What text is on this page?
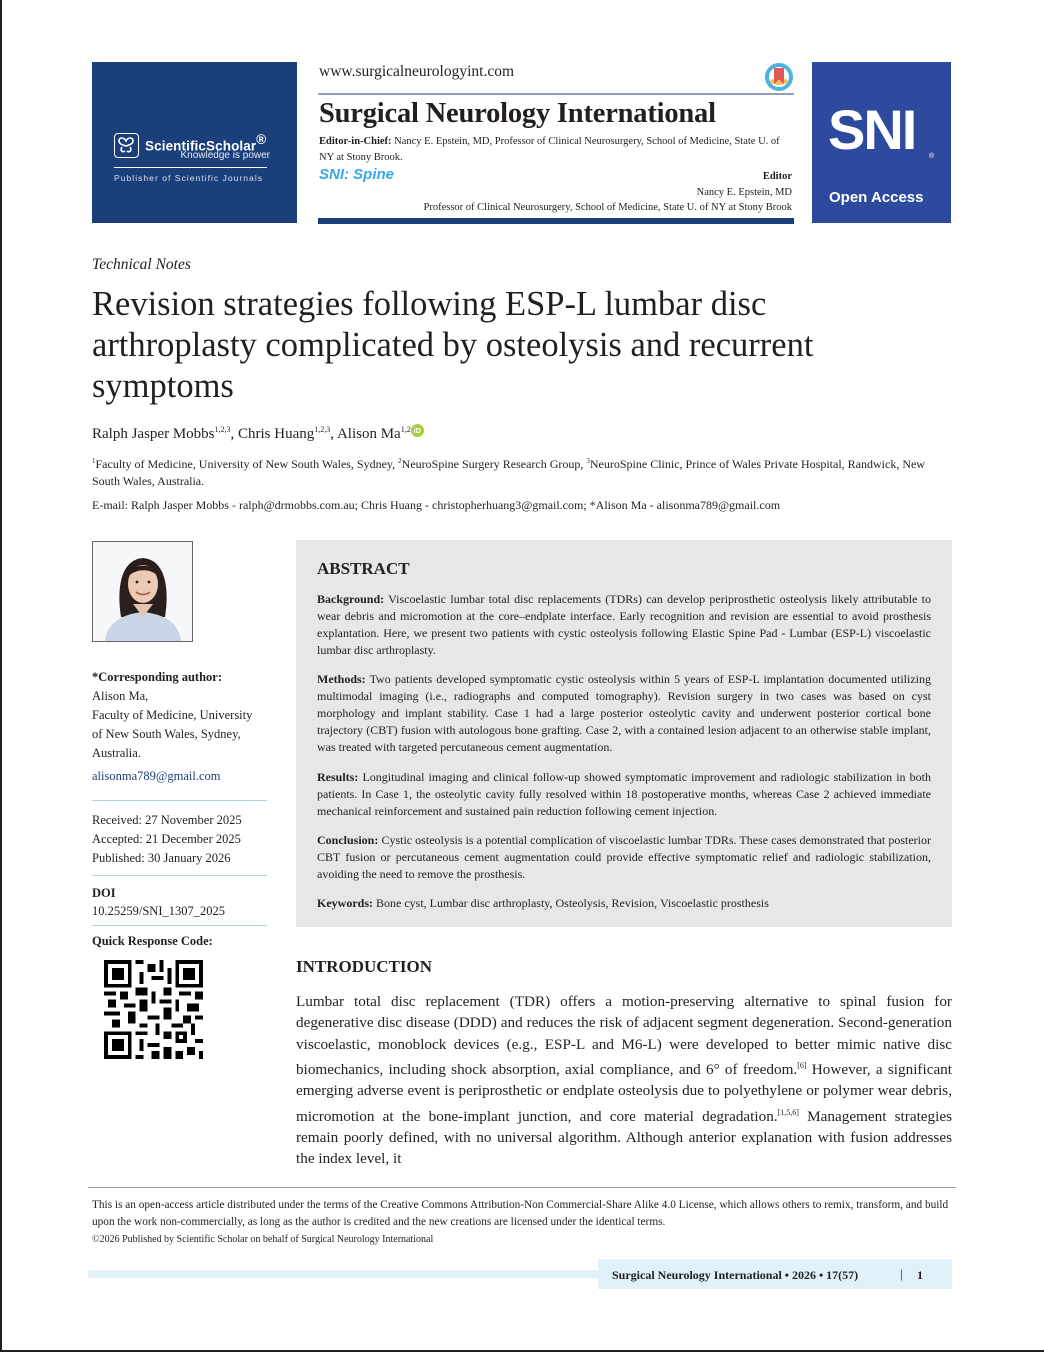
ScientificScholar®
Knowledge is power
Publisher of Scientific Journals
www.surgicalneurologyint.com
Surgical Neurology International
Editor-in-Chief: Nancy E. Epstein, MD, Professor of Clinical Neurosurgery, School of Medicine, State U. of NY at Stony Brook.
SNI: Spine	Editor
Nancy E. Epstein, MD
Professor of Clinical Neurosurgery, School of Medicine, State U. of NY at Stony Brook
SNI ®
Open Access
Technical Notes
Revision strategies following ESP-L lumbar disc arthroplasty complicated by osteolysis and recurrent symptoms
Ralph Jasper Mobbs$^{1,2,3}$, Chris Huang$^{1,2,3}$, Alison Ma$^{1,2}$ iD
$^1$Faculty of Medicine, University of New South Wales, Sydney, $^2$NeuroSpine Surgery Research Group, $^3$NeuroSpine Clinic, Prince of Wales Private Hospital, Randwick, New South Wales, Australia.
E-mail: Ralph Jasper Mobbs - ralph@drmobbs.com.au; Chris Huang - christopherhuang3@gmail.com; *Alison Ma - alisonma789@gmail.com
*Corresponding author:
Alison Ma,
Faculty of Medicine, University
of New South Wales, Sydney,
Australia.
alisonma789@gmail.com
Received: 27 November 2025
Accepted: 21 December 2025
Published: 30 January 2026
DOI
10.25259/SNI_1307_2025
Quick Response Code:
ABSTRACT
Background: Viscoelastic lumbar total disc replacements (TDRs) can develop periprosthetic osteolysis likely attributable to wear debris and micromotion at the core–endplate interface. Early recognition and revision are essential to avoid prosthesis explantation. Here, we present two patients with cystic osteolysis following Elastic Spine Pad - Lumbar (ESP-L) viscoelastic lumbar disc arthroplasty.
Methods: Two patients developed symptomatic cystic osteolysis within 5 years of ESP-L implantation documented utilizing multimodal imaging (i.e., radiographs and computed tomography). Revision surgery in two cases was based on cyst morphology and implant stability. Case 1 had a large posterior osteolytic cavity and underwent posterior cortical bone trajectory (CBT) fusion with autologous bone grafting. Case 2, with a contained lesion adjacent to an otherwise stable implant, was treated with targeted percutaneous cement augmentation.
Results: Longitudinal imaging and clinical follow-up showed symptomatic improvement and radiologic stabilization in both patients. In Case 1, the osteolytic cavity fully resolved within 18 postoperative months, whereas Case 2 achieved immediate mechanical reinforcement and sustained pain reduction following cement injection.
Conclusion: Cystic osteolysis is a potential complication of viscoelastic lumbar TDRs. These cases demonstrated that posterior CBT fusion or percutaneous cement augmentation could provide effective symptomatic relief and radiologic stabilization, avoiding the need to remove the prosthesis.
Keywords: Bone cyst, Lumbar disc arthroplasty, Osteolysis, Revision, Viscoelastic prosthesis
INTRODUCTION
Lumbar total disc replacement (TDR) offers a motion-preserving alternative to spinal fusion for degenerative disc disease (DDD) and reduces the risk of adjacent segment degeneration. Second-generation viscoelastic, monoblock devices (e.g., ESP-L and M6-L) were developed to better mimic native disc biomechanics, including shock absorption, axial compliance, and 6° of freedom.[6] However, a significant emerging adverse event is periprosthetic or endplate osteolysis due to polyethylene or polymer wear debris, micromotion at the bone-implant junction, and core material degradation.[1,5,6] Management strategies remain poorly defined, with no universal algorithm. Although anterior explanation with fusion addresses the index level, it
This is an open-access article distributed under the terms of the Creative Commons Attribution-Non Commercial-Share Alike 4.0 License, which allows others to remix, transform, and build upon the work non-commercially, as long as the author is credited and the new creations are licensed under the identical terms.
©2026 Published by Scientific Scholar on behalf of Surgical Neurology International
Surgical Neurology International • 2026 • 17(57)	| 1
